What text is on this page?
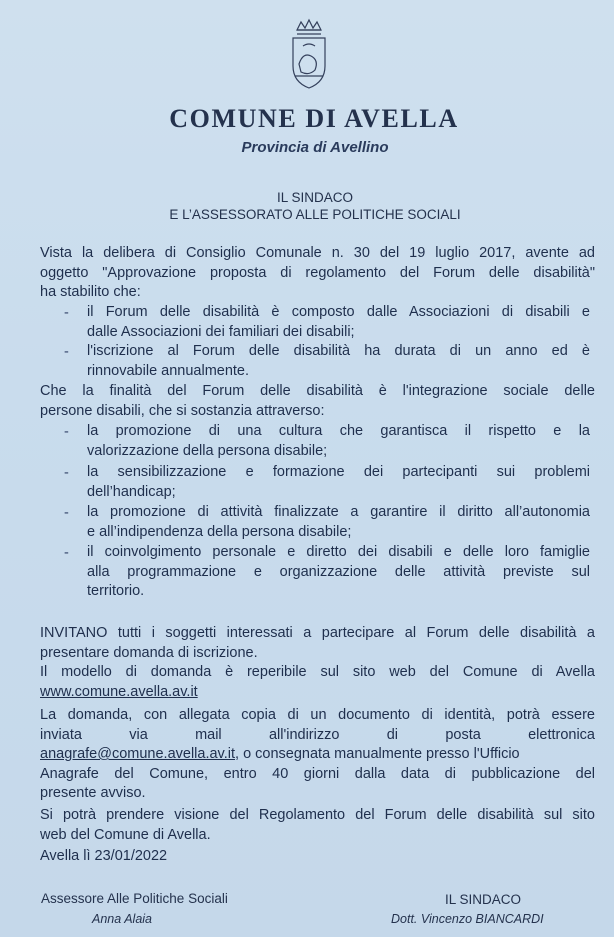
COMUNE DI AVELLA
Provincia di Avellino
IL SINDACO
E L’ASSESSORATO ALLE POLITICHE SOCIALI
Vista la delibera di Consiglio Comunale n. 30 del 19 luglio 2017, avente ad
oggetto "Approvazione proposta di regolamento del Forum delle disabilità"
ha stabilito che:
-	il Forum delle disabilità è composto dalle Associazioni di disabili e
dalle Associazioni dei familiari dei disabili;
-	l'iscrizione al Forum delle disabilità ha durata di un anno ed è
rinnovabile annualmente.
Che la finalità del Forum delle disabilità è l'integrazione sociale delle
persone disabili, che si sostanzia attraverso:
-	la promozione di una cultura che garantisca il rispetto e la
valorizzazione della persona disabile;
-	la sensibilizzazione e formazione dei partecipanti sui problemi
dell’handicap;
-	la promozione di attività finalizzate a garantire il diritto all’autonomia
e all’indipendenza della persona disabile;
-	il coinvolgimento personale e diretto dei disabili e delle loro famiglie
alla programmazione e organizzazione delle attività previste sul
territorio.
INVITANO tutti i soggetti interessati a partecipare al Forum delle disabilità a
presentare domanda di iscrizione.
Il modello di domanda è reperibile sul sito web del Comune di Avella
www.comune.avella.av.it
La domanda, con allegata copia di un documento di identità, potrà essere
inviata via mail all'indirizzo di posta elettronica
anagrafe@comune.avella.av.it, o consegnata manualmente presso l'Ufficio
Anagrafe del Comune, entro 40 giorni dalla data di pubblicazione del
presente avviso.
Si potrà prendere visione del Regolamento del Forum delle disabilità sul sito
web del Comune di Avella.
Avella lì 23/01/2022
Assessore Alle Politiche Sociali
Anna Alaia
IL SINDACO
Dott. Vincenzo BIANCARDI
